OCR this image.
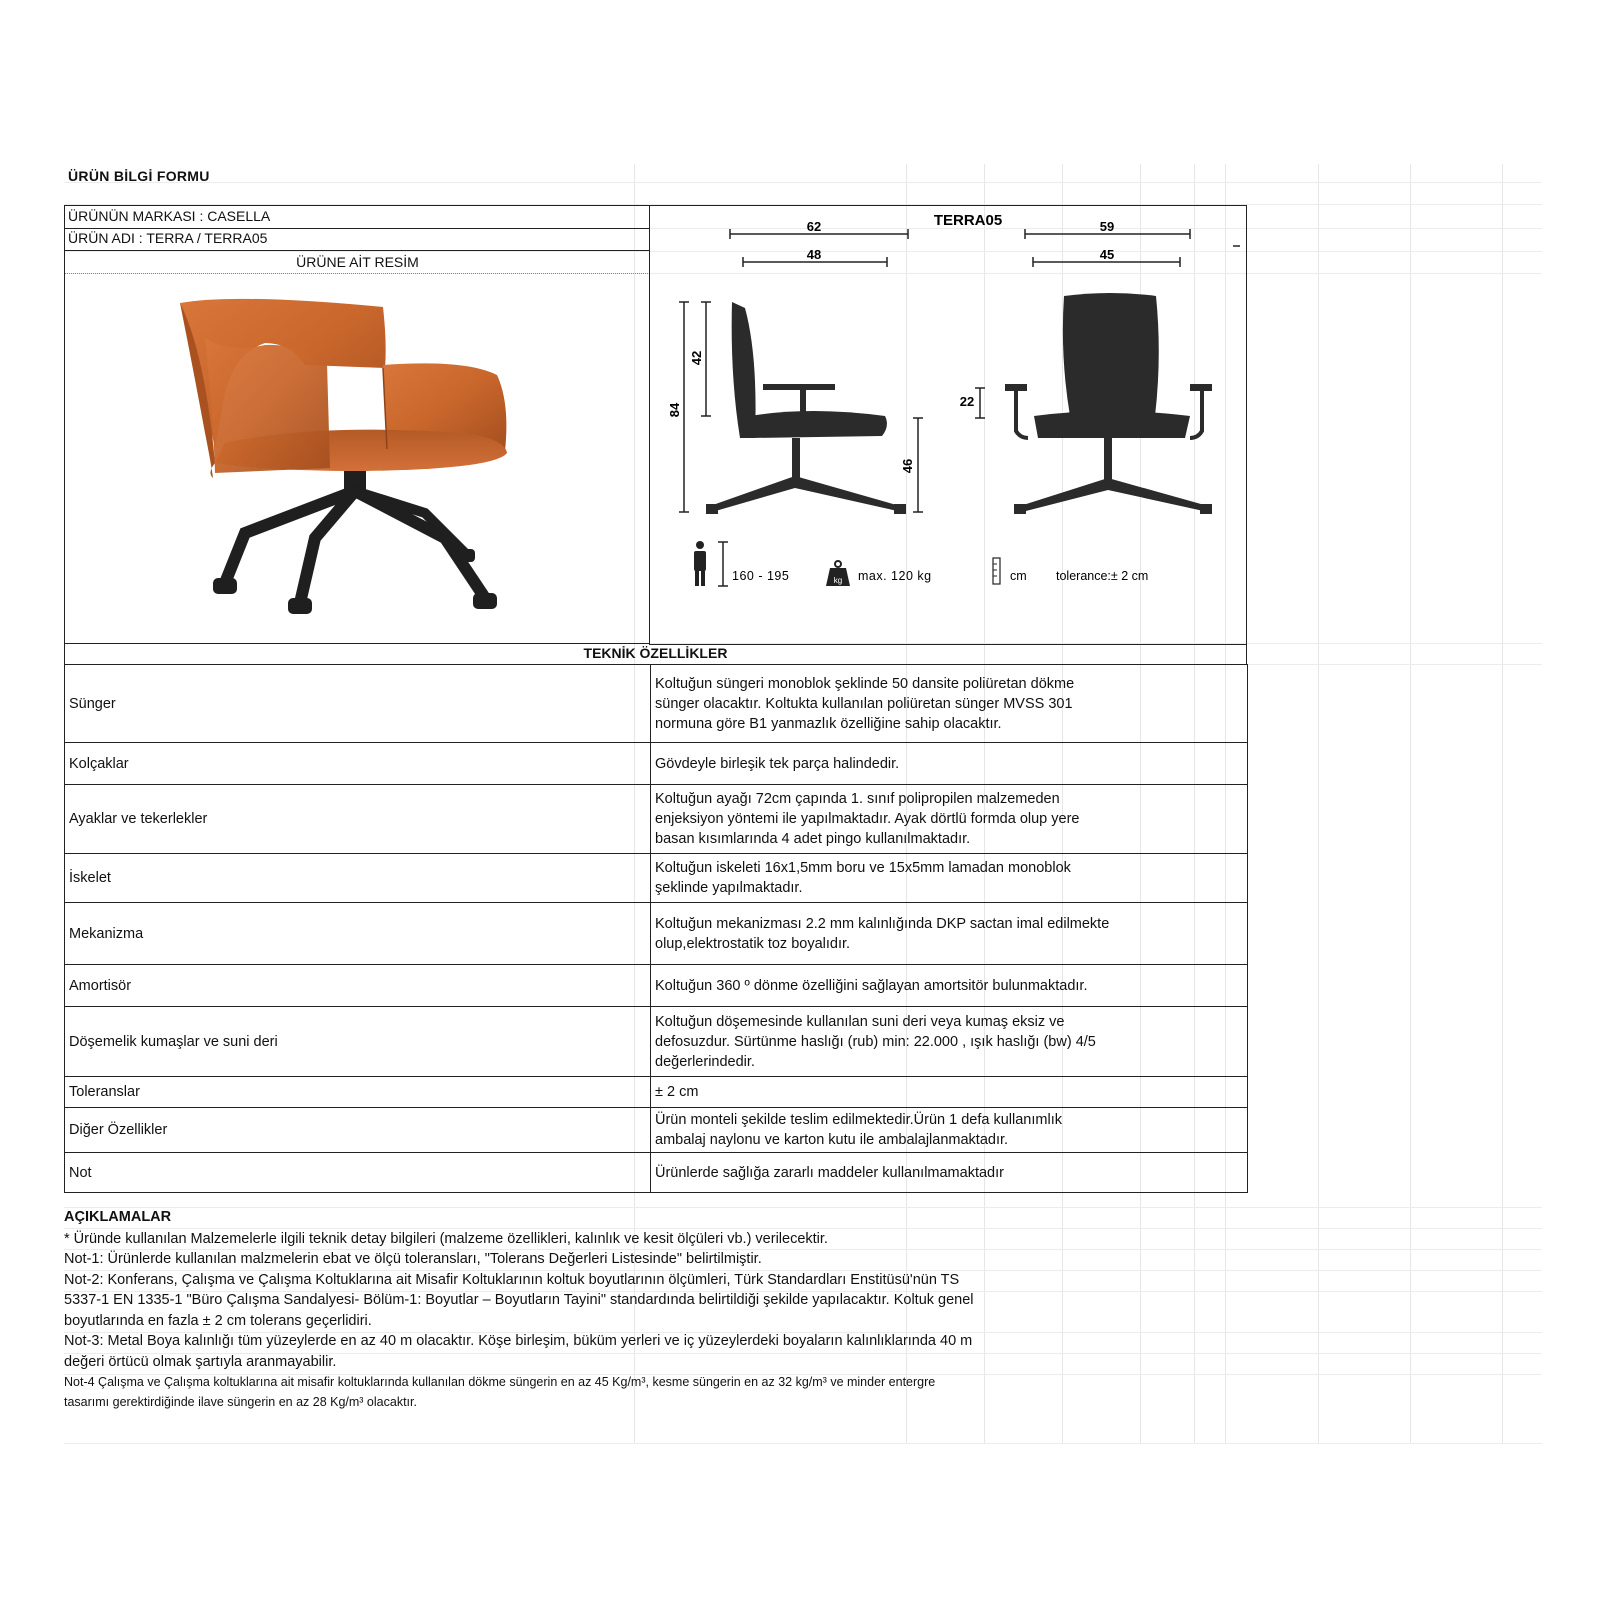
ÜRÜN BİLGİ FORMU
ÜRÜNÜN MARKASI : CASELLA
ÜRÜN ADI : TERRA / TERRA05
ÜRÜNE AİT RESİM
62
48
TERRA05	59
45
84
42
46
22
160 - 195	kg max. 120 kg	cm tolerance:± 2 cm
TEKNİK ÖZELLİKLER
Sünger	Koltuğun süngeri monoblok şeklinde 50 dansite poliüretan dökme
sünger olacaktır. Koltukta kullanılan poliüretan sünger MVSS 301
normuna göre B1 yanmazlık özelliğine sahip olacaktır.

Kolçaklar	Gövdeyle birleşik tek parça halindedir.

Ayaklar ve tekerlekler	Koltuğun ayağı 72cm çapında 1. sınıf polipropilen malzemeden
enjeksiyon yöntemi ile yapılmaktadır. Ayak dörtlü formda olup yere
basan kısımlarında 4 adet pingo kullanılmaktadır.

İskelet	Koltuğun iskeleti 16x1,5mm boru ve 15x5mm lamadan monoblok
şeklinde yapılmaktadır.

Mekanizma	Koltuğun mekanizması 2.2 mm kalınlığında DKP sactan imal edilmekte
olup,elektrostatik toz boyalıdır.

Amortisör	Koltuğun 360 º dönme özelliğini sağlayan amortsitör bulunmaktadır.

Döşemelik kumaşlar ve suni deri	Koltuğun döşemesinde kullanılan suni deri veya kumaş eksiz ve
defosuzdur. Sürtünme haslığı (rub) min: 22.000 , ışık haslığı (bw) 4/5
değerlerindedir.

Toleranslar	± 2 cm

Diğer Özellikler	Ürün monteli şekilde teslim edilmektedir.Ürün 1 defa kullanımlık
ambalaj naylonu ve karton kutu ile ambalajlanmaktadır.

Not	Ürünlerde sağlığa zararlı maddeler kullanılmamaktadır
AÇIKLAMALAR
* Üründe kullanılan Malzemelerle ilgili teknik detay bilgileri (malzeme özellikleri, kalınlık ve kesit ölçüleri vb.) verilecektir.
Not-1: Ürünlerde kullanılan malzmelerin ebat ve ölçü toleransları, "Tolerans Değerleri Listesinde" belirtilmiştir.
Not-2: Konferans, Çalışma ve Çalışma Koltuklarına ait Misafir Koltuklarının koltuk boyutlarının ölçümleri, Türk Standardları Enstitüsü'nün TS
5337-1 EN 1335-1 "Büro Çalışma Sandalyesi- Bölüm-1: Boyutlar – Boyutların Tayini" standardında belirtildiği şekilde yapılacaktır. Koltuk genel
boyutlarında en fazla ± 2 cm tolerans geçerlidiri.
Not-3: Metal Boya kalınlığı tüm yüzeylerde en az 40 m olacaktır. Köşe birleşim, büküm yerleri ve iç yüzeylerdeki boyaların kalınlıklarında 40 m
değeri örtücü olmak şartıyla aranmayabilir.
Not-4 Çalışma ve Çalışma koltuklarına ait misafir koltuklarında kullanılan dökme süngerin en az 45 Kg/m³, kesme süngerin en az 32 kg/m³ ve minder entergre
tasarımı gerektirdiğinde ilave süngerin en az 28 Kg/m³ olacaktır.
